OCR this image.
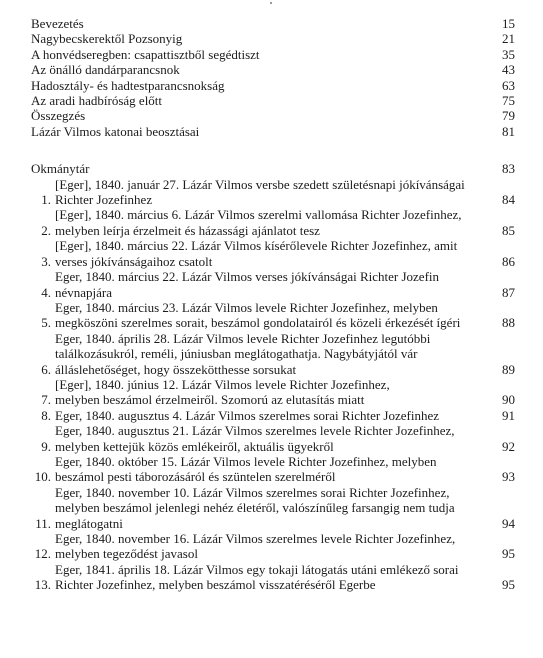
Bevezetés	15
Nagybecskerektől Pozsonyig	21
A honvédseregben: csapattisztből segédtiszt	35
Az önálló dandárparancsnok	43
Hadosztály- és hadtestparancsnokság	63
Az aradi hadbíróság előtt	75
Összegzés	79
Lázár Vilmos katonai beosztásai	81
Okmánytár	83
1.
[Eger], 1840. január 27. Lázár Vilmos versbe szedett születésnapi jókívánságai
Richter Jozefinhez	84
2.
[Eger], 1840. március 6. Lázár Vilmos szerelmi vallomása Richter Jozefinhez,
melyben leírja érzelmeit és házassági ajánlatot tesz	85
3.
[Eger], 1840. március 22. Lázár Vilmos kísérőlevele Richter Jozefinhez, amit
verses jókívánságaihoz csatolt	86
4.
Eger, 1840. március 22. Lázár Vilmos verses jókívánságai Richter Jozefin
névnapjára	87
5.
Eger, 1840. március 23. Lázár Vilmos levele Richter Jozefinhez, melyben
megköszöni szerelmes sorait, beszámol gondolatairól és közeli érkezését ígéri	88
6.
Eger, 1840. április 28. Lázár Vilmos levele Richter Jozefinhez legutóbbi
találkozásukról, reméli, júniusban meglátogathatja. Nagybátyjától vár
álláslehetőséget, hogy összekötthesse sorsukat	89
7.
[Eger], 1840. június 12. Lázár Vilmos levele Richter Jozefinhez,
melyben beszámol érzelmeiről. Szomorú az elutasítás miatt	90
8. Eger, 1840. augusztus 4. Lázár Vilmos szerelmes sorai Richter Jozefinhez	91
9.
Eger, 1840. augusztus 21. Lázár Vilmos szerelmes levele Richter Jozefinhez,
melyben kettejük közös emlékeiről, aktuális ügyekről	92
10.
Eger, 1840. október 15. Lázár Vilmos levele Richter Jozefinhez, melyben
beszámol pesti táborozásáról és szüntelen szerelméről	93
11.
Eger, 1840. november 10. Lázár Vilmos szerelmes sorai Richter Jozefinhez,
melyben beszámol jelenlegi nehéz életéről, valószínűleg farsangig nem tudja
meglátogatni	94
12.
Eger, 1840. november 16. Lázár Vilmos szerelmes levele Richter Jozefinhez,
melyben tegeződést javasol	95
13.
Eger, 1841. április 18. Lázár Vilmos egy tokaji látogatás utáni emlékező sorai
Richter Jozefinhez, melyben beszámol visszatéréséről Egerbe	95
